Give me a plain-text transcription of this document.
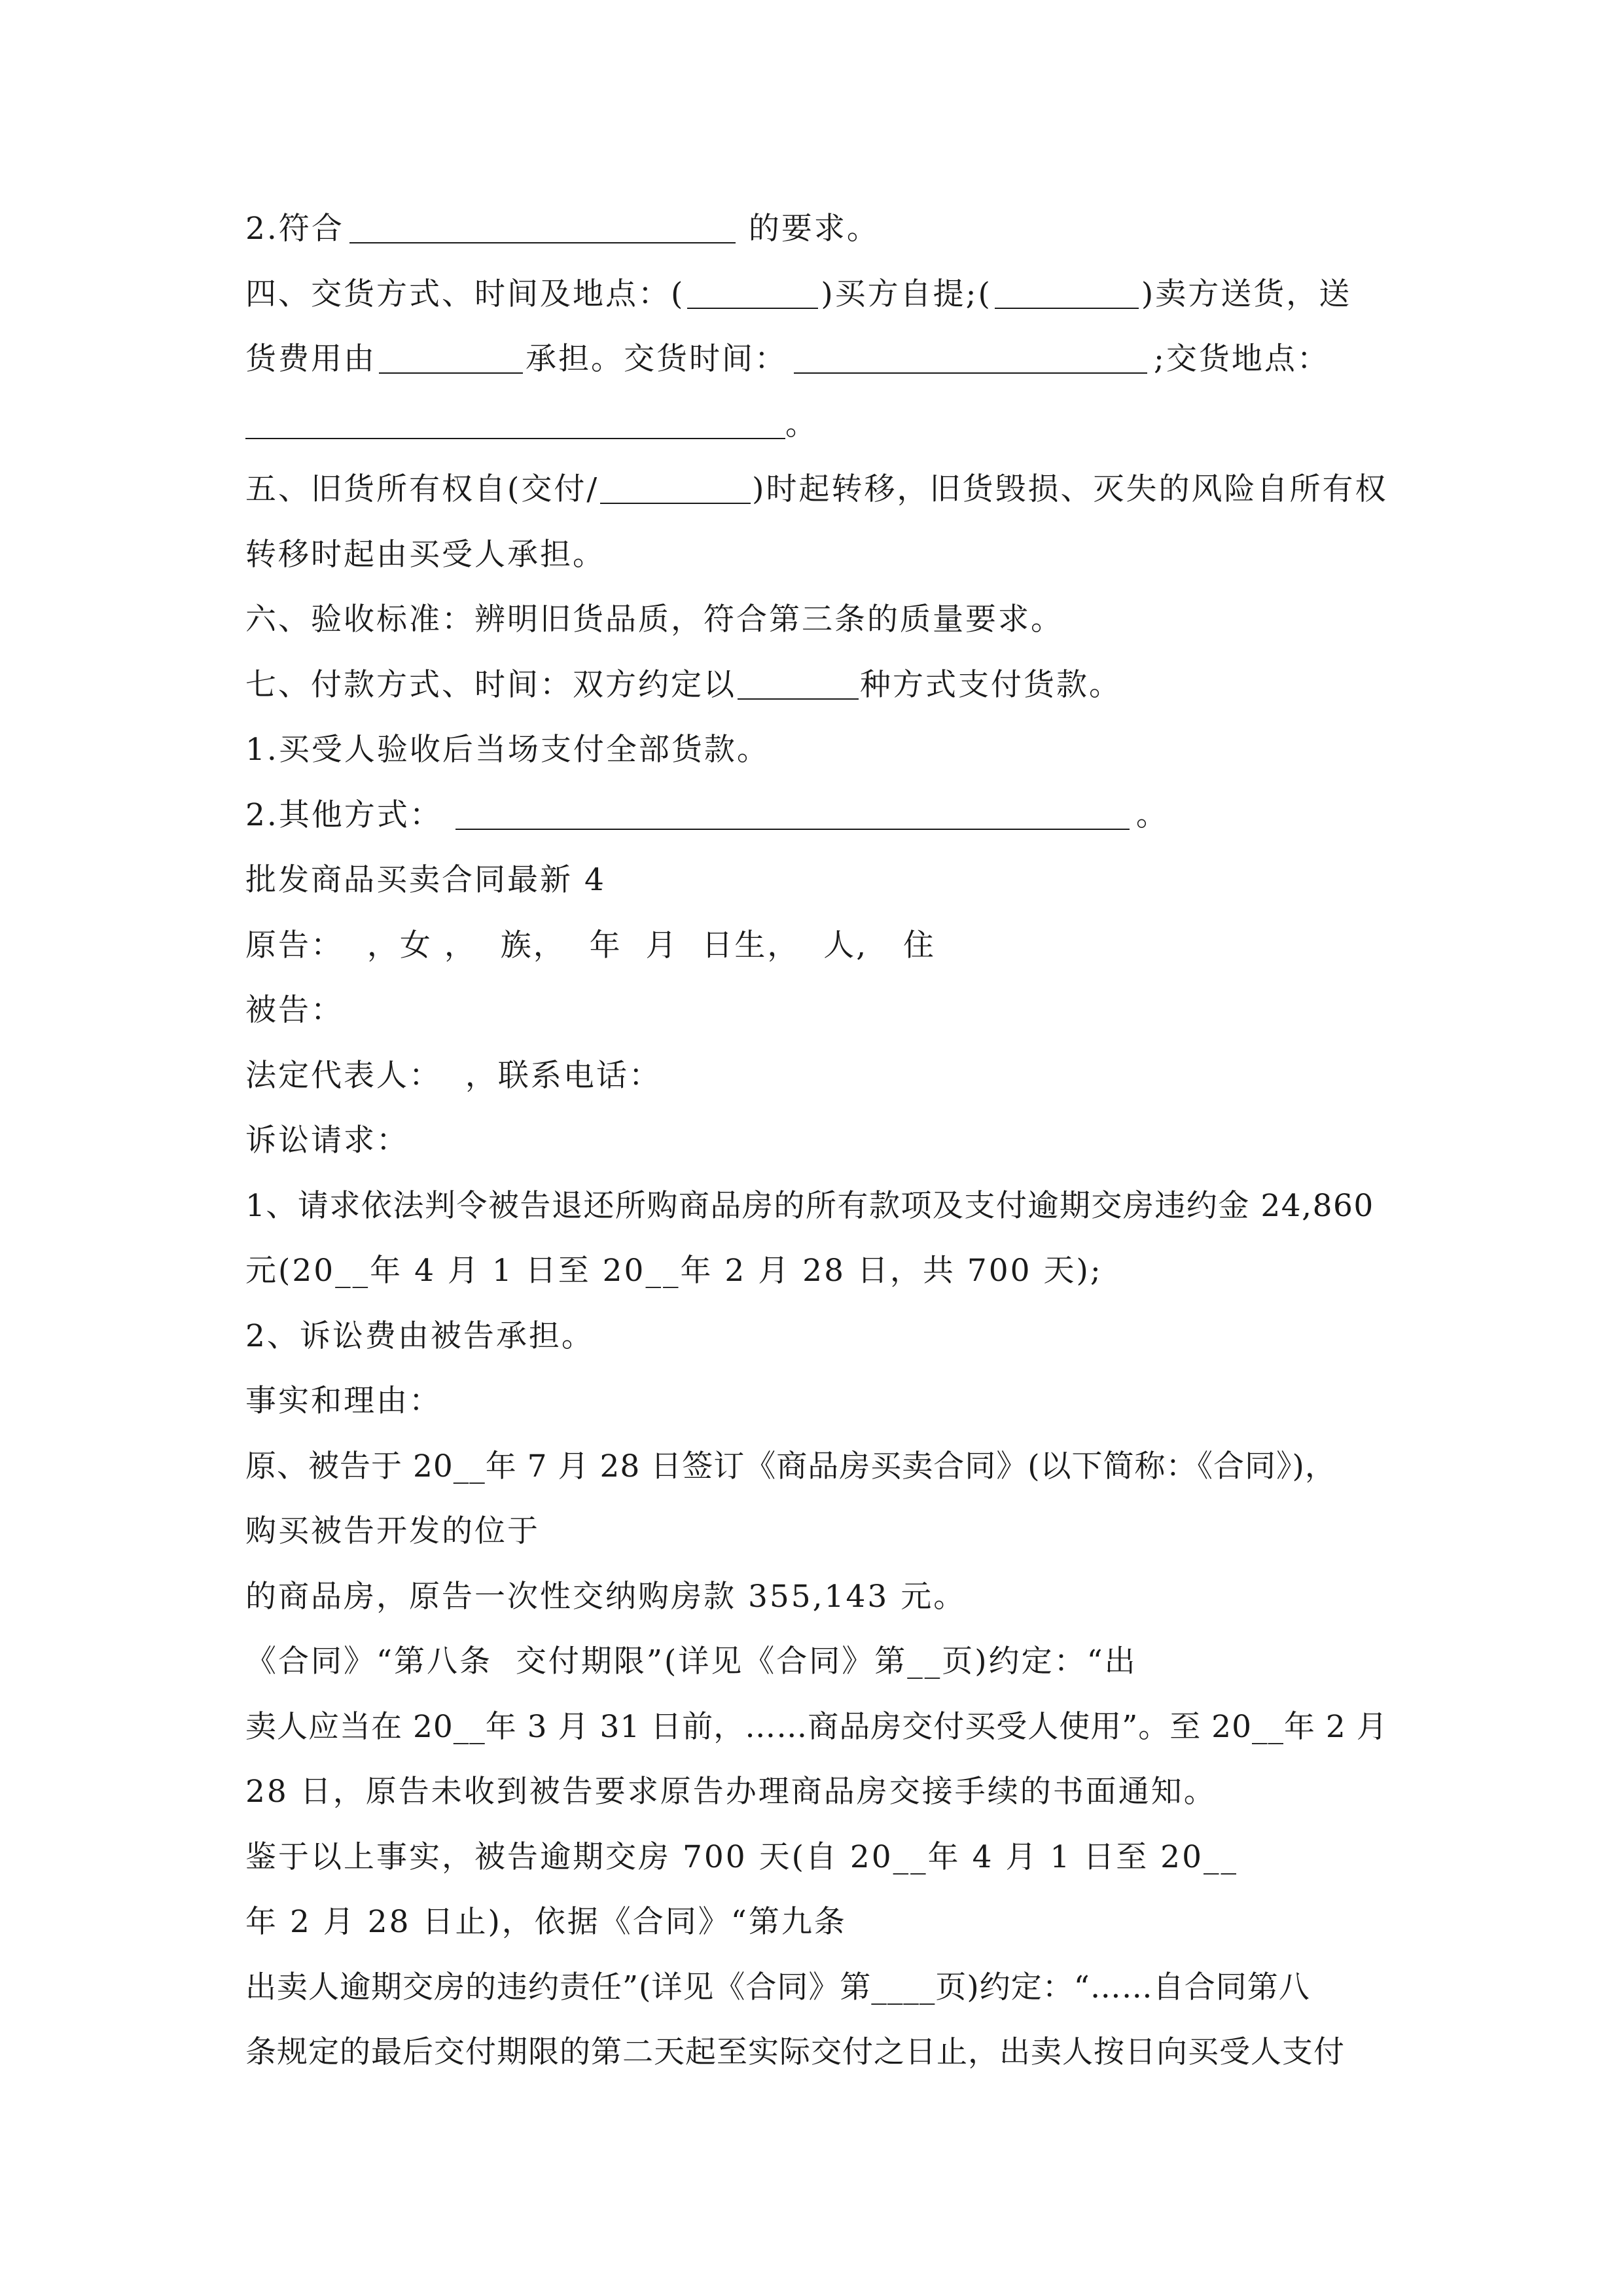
2.符合	的要求。
四、交货方式、时间及地点：(	)买方自提;(	)卖方送货，送
货费用由	承担。交货时间：	;交货地点：
。
五、旧货所有权自(交付/	)时起转移，旧货毁损、灭失的风险自所有权
转移时起由买受人承担。
六、验收标准：辨明旧货品质，符合第三条的质量要求。
七、付款方式、时间：双方约定以	种方式支付货款。
1.买受人验收后当场支付全部货款。
2.其他方式：	。
批发商品买卖合同最新 4
原告：  ，女 ，  族，  年  月  日生，  人,   住
被告：
法定代表人：  ，联系电话：
诉讼请求：
1、请求依法判令被告退还所购商品房的所有款项及支付逾期交房违约金 24,860
元(20__年 4 月 1 日至 20__年 2 月 28 日，共 700 天);
2、诉讼费由被告承担。
事实和理由：
原、被告于 20__年 7 月 28 日签订《商品房买卖合同》(以下简称：《合同》)，
购买被告开发的位于
的商品房，原告一次性交纳购房款 355,143 元。
《合同》“第八条  交付期限”(详见《合同》第__页)约定：“出
卖人应当在 20__年 3 月 31 日前，……商品房交付买受人使用”。至 20__年 2 月
28 日，原告未收到被告要求原告办理商品房交接手续的书面通知。
鉴于以上事实，被告逾期交房 700 天(自 20__年 4 月 1 日至 20__
年 2 月 28 日止)，依据《合同》“第九条
出卖人逾期交房的违约责任”(详见《合同》第____页)约定：“……自合同第八
条规定的最后交付期限的第二天起至实际交付之日止，出卖人按日向买受人支付
